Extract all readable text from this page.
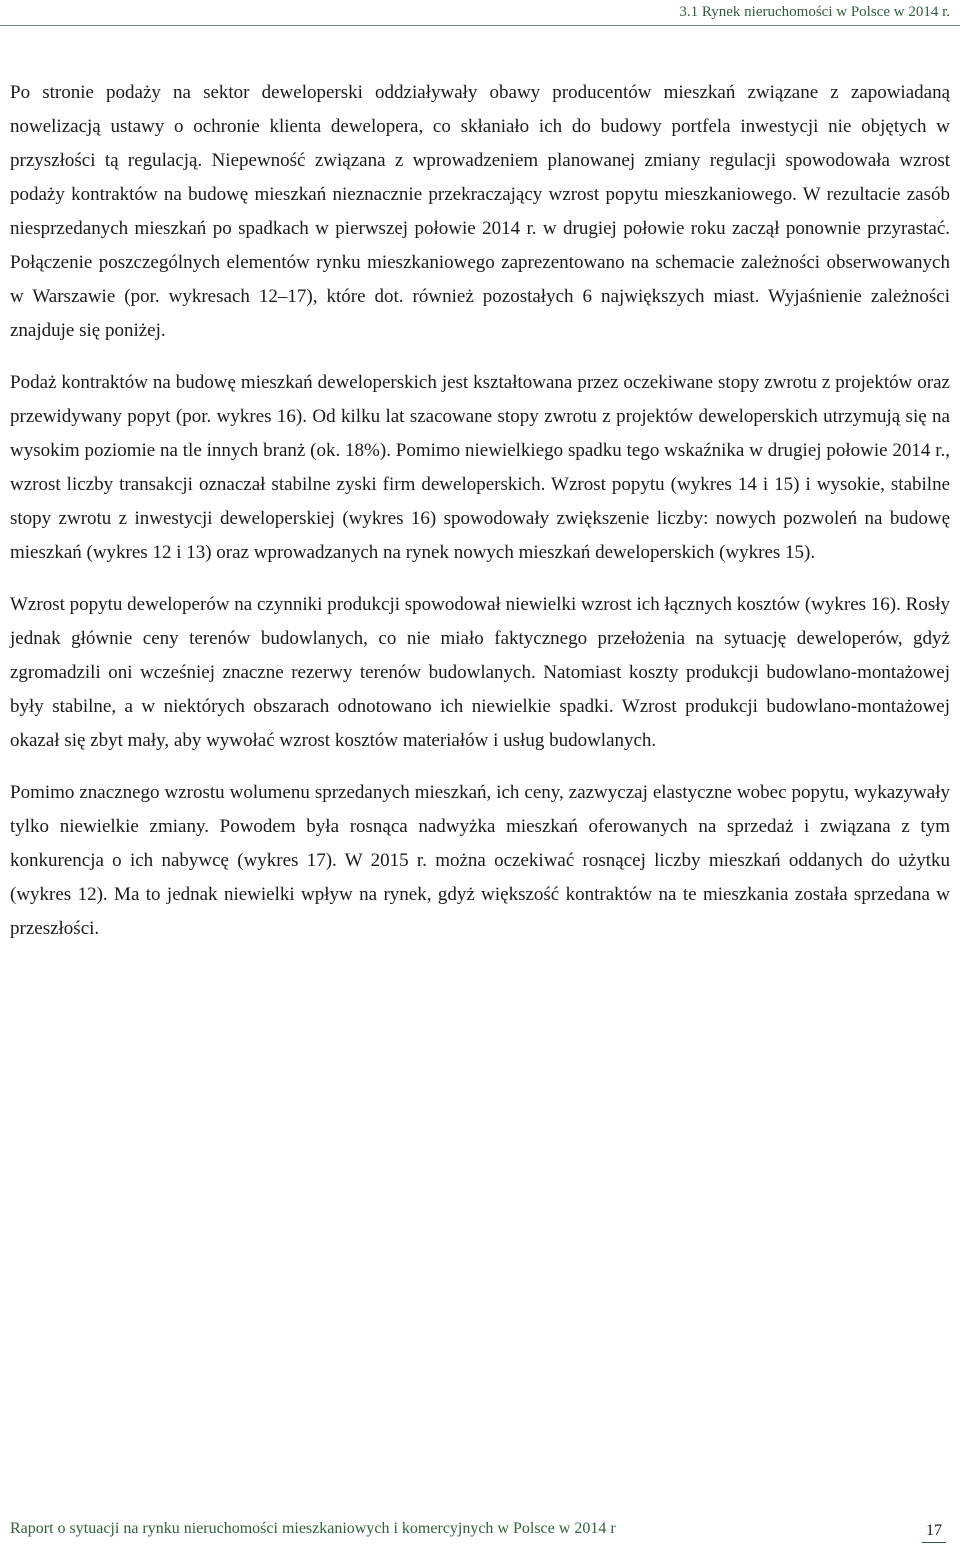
3.1 Rynek nieruchomości w Polsce w 2014 r.

Po stronie podaży na sektor deweloperski oddziaływały obawy producentów mieszkań związane z zapowiadaną nowelizacją ustawy o ochronie klienta dewelopera, co skłaniało ich do budowy portfela inwestycji nie objętych w przyszłości tą regulacją. Niepewność związana z wprowadzeniem planowanej zmiany regulacji spowodowała wzrost podaży kontraktów na budowę mieszkań nieznacznie przekraczający wzrost popytu mieszkaniowego. W rezultacie zasób niesprzedanych mieszkań po spadkach w pierwszej połowie 2014 r. w drugiej połowie roku zaczął ponownie przyrastać. Połączenie poszczególnych elementów rynku mieszkaniowego zaprezentowano na schemacie zależności obserwowanych w Warszawie (por. wykresach 12–17), które dot. również pozostałych 6 największych miast. Wyjaśnienie zależności znajduje się poniżej.

Podaż kontraktów na budowę mieszkań deweloperskich jest kształtowana przez oczekiwane stopy zwrotu z projektów oraz przewidywany popyt (por. wykres 16). Od kilku lat szacowane stopy zwrotu z projektów deweloperskich utrzymują się na wysokim poziomie na tle innych branż (ok. 18%). Pomimo niewielkiego spadku tego wskaźnika w drugiej połowie 2014 r., wzrost liczby transakcji oznaczał stabilne zyski firm deweloperskich. Wzrost popytu (wykres 14 i 15) i wysokie, stabilne stopy zwrotu z inwestycji deweloperskiej (wykres 16) spowodowały zwiększenie liczby: nowych pozwoleń na budowę mieszkań (wykres 12 i 13) oraz wprowadzanych na rynek nowych mieszkań deweloperskich (wykres 15).

Wzrost popytu deweloperów na czynniki produkcji spowodował niewielki wzrost ich łącznych kosztów (wykres 16). Rosły jednak głównie ceny terenów budowlanych, co nie miało faktycznego przełożenia na sytuację deweloperów, gdyż zgromadzili oni wcześniej znaczne rezerwy terenów budowlanych. Natomiast koszty produkcji budowlano-montażowej były stabilne, a w niektórych obszarach odnotowano ich niewielkie spadki. Wzrost produkcji budowlano-montażowej okazał się zbyt mały, aby wywołać wzrost kosztów materiałów i usług budowlanych.

Pomimo znacznego wzrostu wolumenu sprzedanych mieszkań, ich ceny, zazwyczaj elastyczne wobec popytu, wykazywały tylko niewielkie zmiany. Powodem była rosnąca nadwyżka mieszkań oferowanych na sprzedaż i związana z tym konkurencja o ich nabywcę (wykres 17). W 2015 r. można oczekiwać rosnącej liczby mieszkań oddanych do użytku (wykres 12). Ma to jednak niewielki wpływ na rynek, gdyż większość kontraktów na te mieszkania została sprzedana w przeszłości.

Raport o sytuacji na rynku nieruchomości mieszkaniowych i komercyjnych w Polsce w 2014 r	17
